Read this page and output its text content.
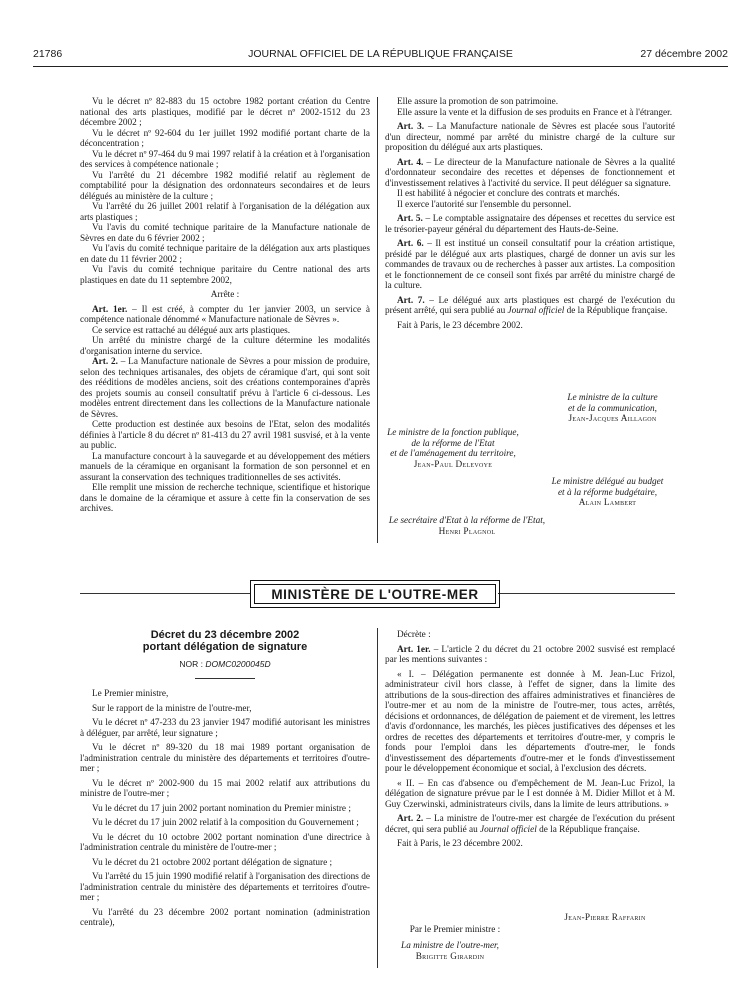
21786	JOURNAL OFFICIEL DE LA RÉPUBLIQUE FRANÇAISE	27 décembre 2002

Vu le décret nº 82-883 du 15 octobre 1982 portant création du Centre national des arts plastiques, modifié par le décret nº 2002-1512 du 23 décembre 2002 ;

Vu le décret nº 92-604 du 1er juillet 1992 modifié portant charte de la déconcentration ;

Vu le décret nº 97-464 du 9 mai 1997 relatif à la création et à l'organisation des services à compétence nationale ;

Vu l'arrêté du 21 décembre 1982 modifié relatif au règlement de comptabilité pour la désignation des ordonnateurs secondaires et de leurs délégués au ministère de la culture ;

Vu l'arrêté du 26 juillet 2001 relatif à l'organisation de la délégation aux arts plastiques ;

Vu l'avis du comité technique paritaire de la Manufacture nationale de Sèvres en date du 6 février 2002 ;

Vu l'avis du comité technique paritaire de la délégation aux arts plastiques en date du 11 février 2002 ;

Vu l'avis du comité technique paritaire du Centre national des arts plastiques en date du 11 septembre 2002,

Arrête :

Art. 1er. – Il est créé, à compter du 1er janvier 2003, un service à compétence nationale dénommé « Manufacture nationale de Sèvres ».

Ce service est rattaché au délégué aux arts plastiques.

Un arrêté du ministre chargé de la culture détermine les modalités d'organisation interne du service.

Art. 2. – La Manufacture nationale de Sèvres a pour mission de produire, selon des techniques artisanales, des objets de céramique d'art, qui sont soit des rééditions de modèles anciens, soit des créations contemporaines d'après des projets soumis au conseil consultatif prévu à l'article 6 ci-dessous. Les modèles entrent directement dans les collections de la Manufacture nationale de Sèvres.

Cette production est destinée aux besoins de l'Etat, selon des modalités définies à l'article 8 du décret nº 81-413 du 27 avril 1981 susvisé, et à la vente au public.

La manufacture concourt à la sauvegarde et au développement des métiers manuels de la céramique en organisant la formation de son personnel et en assurant la conservation des techniques traditionnelles de ses activités.

Elle remplit une mission de recherche technique, scientifique et historique dans le domaine de la céramique et assure à cette fin la conservation de ses archives.

Elle assure la promotion de son patrimoine.

Elle assure la vente et la diffusion de ses produits en France et à l'étranger.

Art. 3. – La Manufacture nationale de Sèvres est placée sous l'autorité d'un directeur, nommé par arrêté du ministre chargé de la culture sur proposition du délégué aux arts plastiques.

Art. 4. – Le directeur de la Manufacture nationale de Sèvres a la qualité d'ordonnateur secondaire des recettes et dépenses de fonctionnement et d'investissement relatives à l'activité du service. Il peut déléguer sa signature.

Il est habilité à négocier et conclure des contrats et marchés.

Il exerce l'autorité sur l'ensemble du personnel.

Art. 5. – Le comptable assignataire des dépenses et recettes du service est le trésorier-payeur général du département des Hauts-de-Seine.

Art. 6. – Il est institué un conseil consultatif pour la création artistique, présidé par le délégué aux arts plastiques, chargé de donner un avis sur les commandes de travaux ou de recherches à passer aux artistes. La composition et le fonctionnement de ce conseil sont fixés par arrêté du ministre chargé de la culture.

Art. 7. – Le délégué aux arts plastiques est chargé de l'exécution du présent arrêté, qui sera publié au Journal officiel de la République française.

Fait à Paris, le 23 décembre 2002.

Le ministre de la culture
et de la communication,
Jean-Jacques Aillagon
Le ministre de la fonction publique,
de la réforme de l'Etat
et de l'aménagement du territoire,
Jean-Paul Delevoye
Le ministre délégué au budget
et à la réforme budgétaire,
Alain Lambert
Le secrétaire d'Etat à la réforme de l'Etat,
Henri Plagnol
MINISTÈRE DE L'OUTRE-MER
Décret du 23 décembre 2002
portant délégation de signature
NOR : DOMC0200045D

Le Premier ministre,

Sur le rapport de la ministre de l'outre-mer,

Vu le décret nº 47-233 du 23 janvier 1947 modifié autorisant les ministres à déléguer, par arrêté, leur signature ;

Vu le décret nº 89-320 du 18 mai 1989 portant organisation de l'administration centrale du ministère des départements et territoires d'outre-mer ;

Vu le décret nº 2002-900 du 15 mai 2002 relatif aux attributions du ministre de l'outre-mer ;

Vu le décret du 17 juin 2002 portant nomination du Premier ministre ;

Vu le décret du 17 juin 2002 relatif à la composition du Gouvernement ;

Vu le décret du 10 octobre 2002 portant nomination d'une directrice à l'administration centrale du ministère de l'outre-mer ;

Vu le décret du 21 octobre 2002 portant délégation de signature ;

Vu l'arrêté du 15 juin 1990 modifié relatif à l'organisation des directions de l'administration centrale du ministère des départements et territoires d'outre-mer ;

Vu l'arrêté du 23 décembre 2002 portant nomination (administration centrale),

Décrète :

Art. 1er. – L'article 2 du décret du 21 octobre 2002 susvisé est remplacé par les mentions suivantes :

« I. – Délégation permanente est donnée à M. Jean-Luc Frizol, administrateur civil hors classe, à l'effet de signer, dans la limite des attributions de la sous-direction des affaires administratives et financières de l'outre-mer et au nom de la ministre de l'outre-mer, tous actes, arrêtés, décisions et ordonnances, de délégation de paiement et de virement, les lettres d'avis d'ordonnance, les marchés, les pièces justificatives des dépenses et les ordres de recettes des départements et territoires d'outre-mer, y compris le fonds pour l'emploi dans les départements d'outre-mer, le fonds d'investissement des départements d'outre-mer et le fonds d'investissement pour le développement économique et social, à l'exclusion des décrets.

« II. – En cas d'absence ou d'empêchement de M. Jean-Luc Frizol, la délégation de signature prévue par le I est donnée à M. Didier Millot et à M. Guy Czerwinski, administrateurs civils, dans la limite de leurs attributions. »

Art. 2. – La ministre de l'outre-mer est chargée de l'exécution du présent décret, qui sera publié au Journal officiel de la République française.

Fait à Paris, le 23 décembre 2002.

Jean-Pierre Raffarin
Par le Premier ministre :
La ministre de l'outre-mer,
Brigitte Girardin
